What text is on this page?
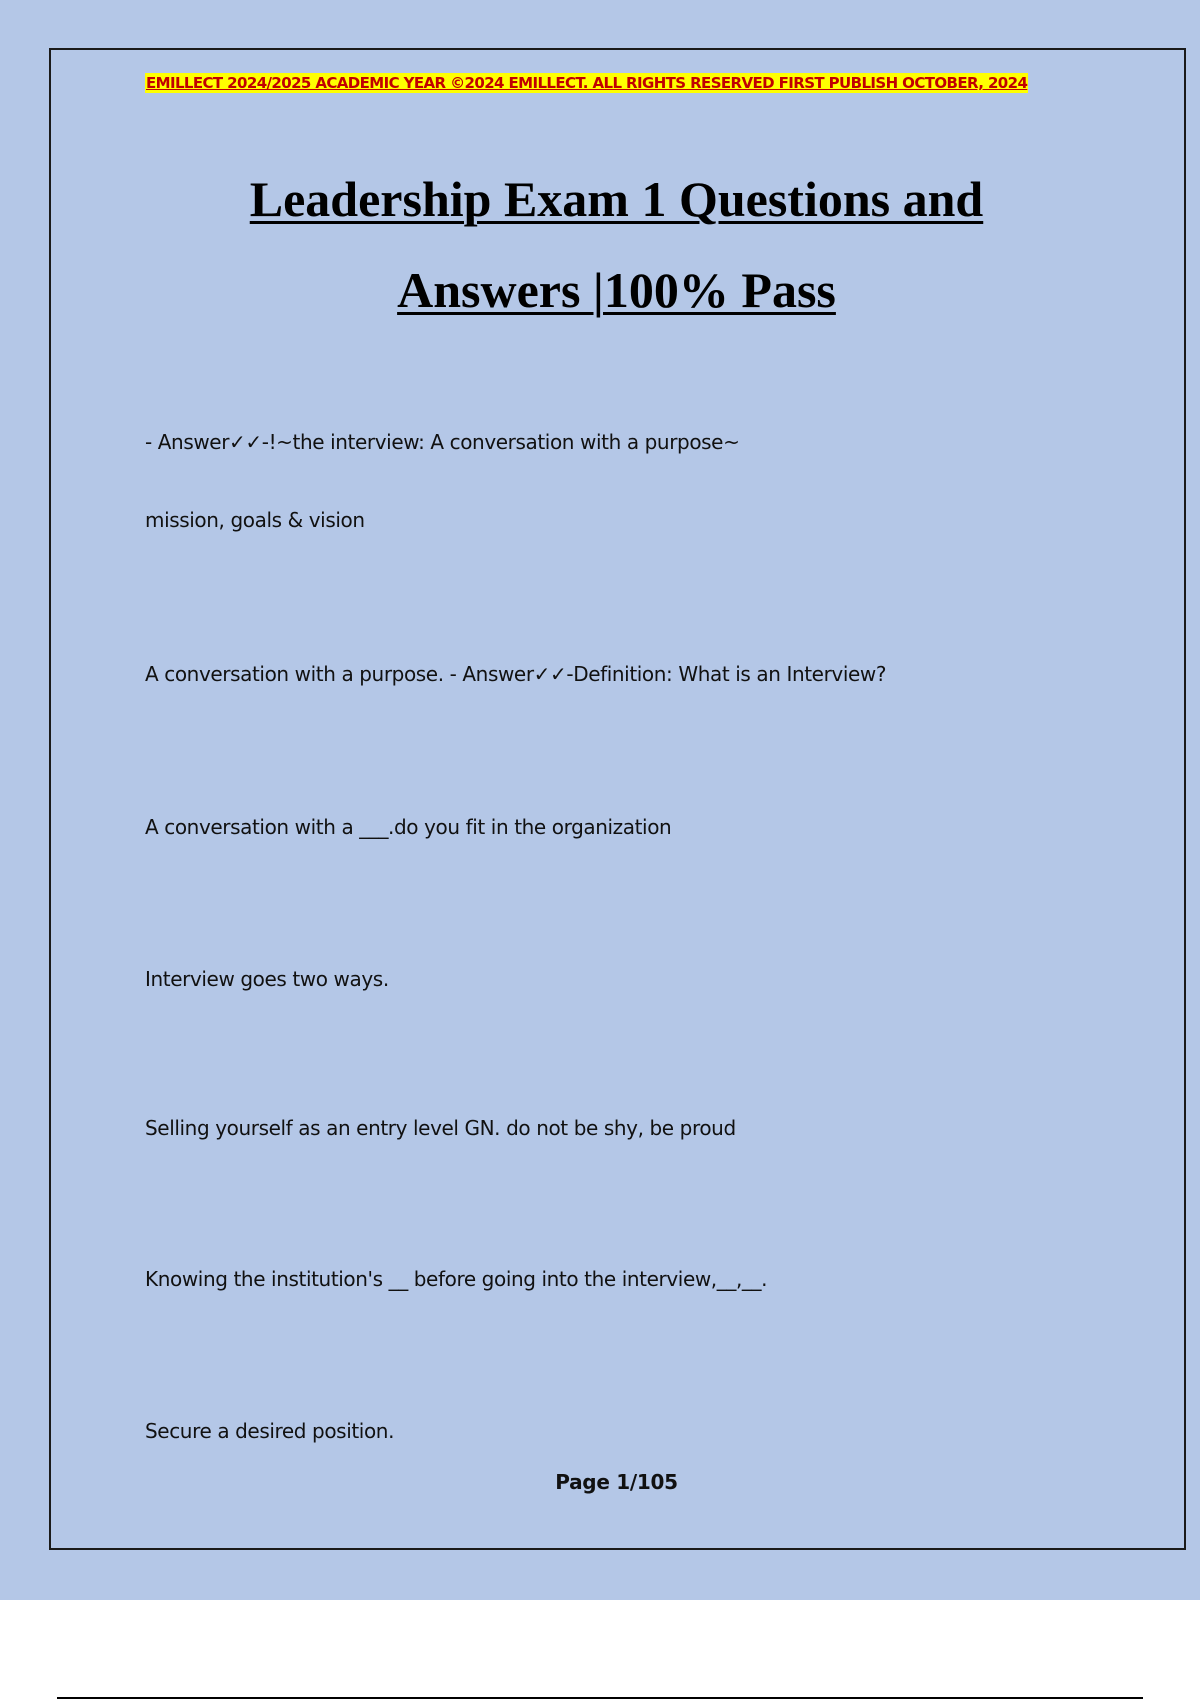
EMILLECT 2024/2025 ACADEMIC YEAR ©2024 EMILLECT. ALL RIGHTS RESERVED FIRST PUBLISH OCTOBER, 2024
Leadership Exam 1 Questions and
Answers |100% Pass
- Answer✓✓-!~the interview: A conversation with a purpose~
mission, goals & vision
A conversation with a purpose. - Answer✓✓-Definition: What is an Interview?
A conversation with a ___.do you fit in the organization
Interview goes two ways.
Selling yourself as an entry level GN. do not be shy, be proud
Knowing the institution's __ before going into the interview,__,__.
Secure a desired position.
Page 1/105
